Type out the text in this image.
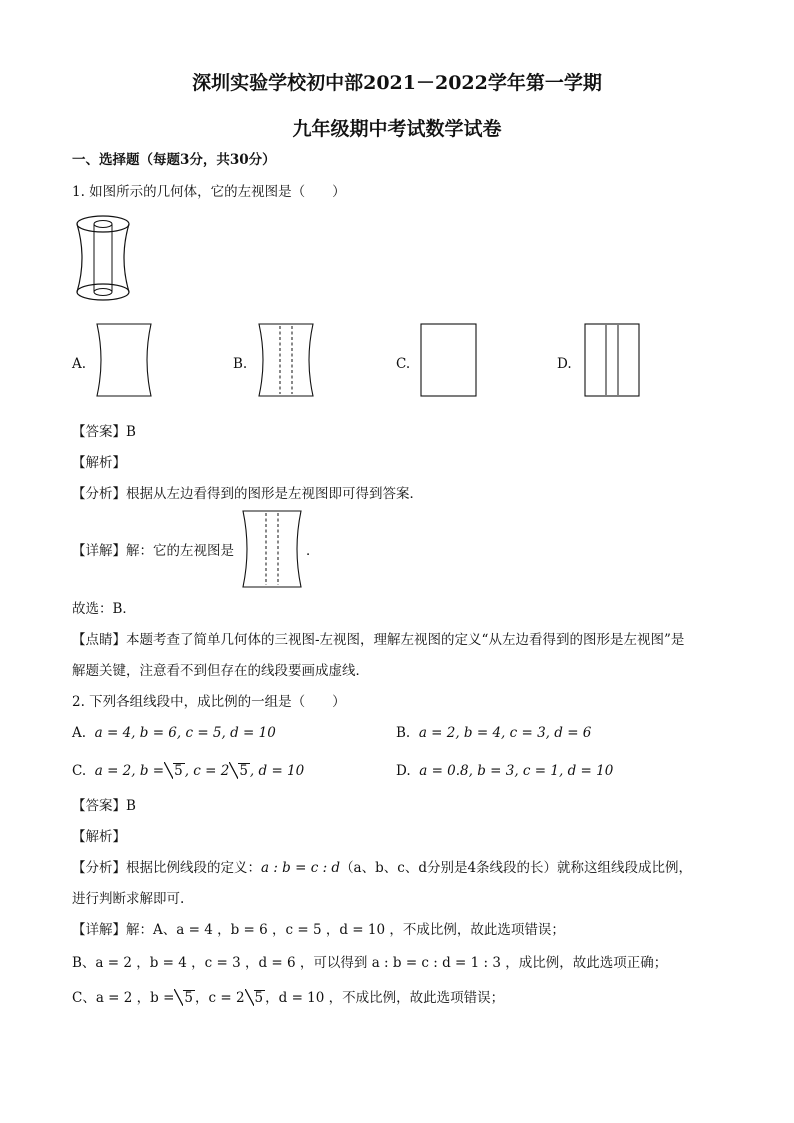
深圳实验学校初中部2021－2022学年第一学期
九年级期中考试数学试卷
一、选择题（每题3分，共30分）
1. 如图所示的几何体，它的左视图是（　　）
A.	B.	C.	D.
【答案】B
【解析】
【分析】根据从左边看得到的图形是左视图即可得到答案．
【详解】解：它的左视图是	．
故选：B．
【点睛】本题考查了简单几何体的三视图-左视图，理解左视图的定义“从左边看得到的图形是左视图”是
解题关键，注意看不到但存在的线段要画成虚线．
2. 下列各组线段中，成比例的一组是（　　）
A. a = 4, b = 6, c = 5, d = 10	B. a = 2, b = 4, c = 3, d = 6
C. a = 2, b = 5 , c = 2 5 , d = 10	D. a = 0.8, b = 3, c = 1, d = 10
【答案】B
【解析】
【分析】根据比例线段的定义：a : b = c : d（a、b、c、d分别是4条线段的长）就称这组线段成比例，
进行判断求解即可.
【详解】解：A、a = 4 ，b = 6 ，c = 5 ，d = 10 ，不成比例，故此选项错误；
B、a = 2 ，b = 4 ，c = 3 ，d = 6 ，可以得到 a : b = c : d = 1 : 3 ，成比例，故此选项正确；
C、a = 2 ，b = 5 ，c = 2 5 ，d = 10 ，不成比例，故此选项错误；
